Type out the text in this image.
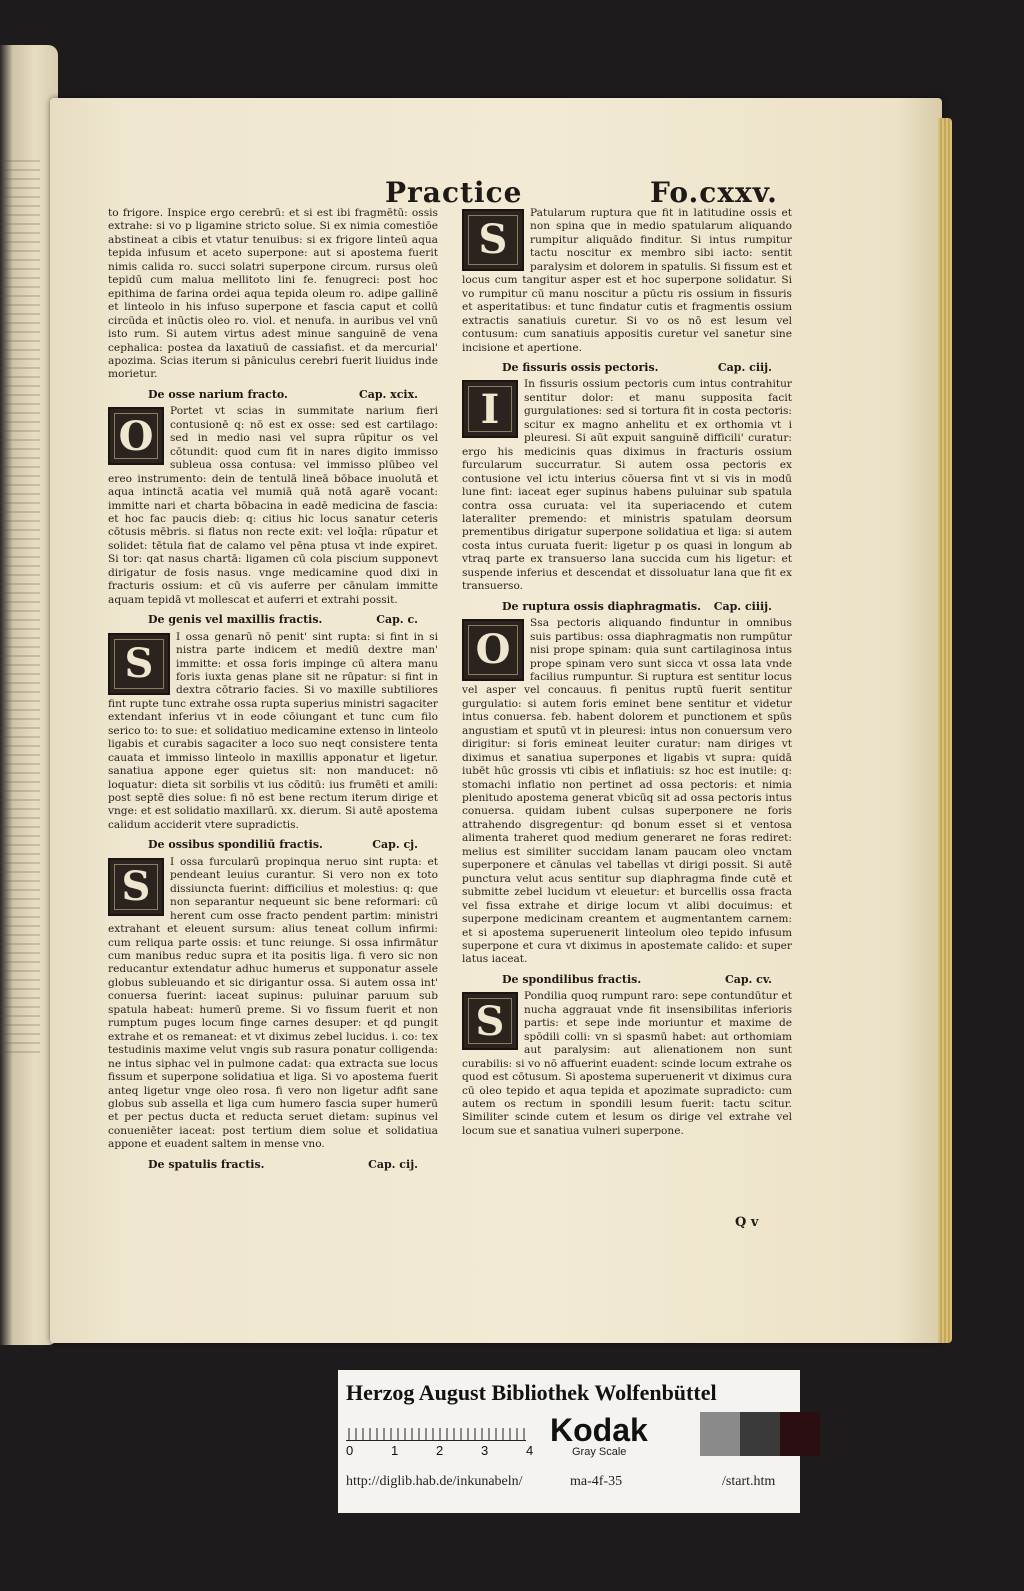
Practice	Fo.cxxv.

to frigore. Inspice ergo cerebrū: et si est ibi fragmētū: ossis extrahe: si vo p ligamine stricto solue. Si ex nimia comestiōe abstineat a cibis et vtatur tenuibus: si ex frigore linteū aqua tepida infusum et aceto superpone: aut si apostema fuerit nimis calida ro. succi solatri superpone circum. rursus oleū tepidū cum malua mellitoto lini fe. fenugreci: post hoc epithima de farina ordei aqua tepida oleum ro. adipe gallinē et linteolo in his infuso superpone et fascia caput et collū circūda et inūctis oleo ro. viol. et nenufa. in auribus vel vnū isto rum. Si autem virtus adest minue sanguinē de vena cephalica: postea da laxatiuū de cassiafist. et da mercurial' apozima. Scias iterum si pāniculus cerebri fuerit liuidus inde morietur.

De osse narium fracto.	Cap. xcix.
O

Portet vt scias in summitate narium fieri contusionē q: nō est ex osse: sed est cartilago: sed in medio nasi vel supra rūpitur os vel cōtundit: quod cum fit in nares digito immisso subleua ossa contusa: vel immisso plūbeo vel ereo instrumento: dein de tentulā lineā bōbace inuolutā et aqua intinctā acatia vel mumiā quā notā agarē vocant: immitte nari et charta bōbacina in eadē medicina de fascia: et hoc fac paucis dieb: q: citius hic locus sanatur ceteris cōtusis mēbris. si flatus non recte exit: vel loq̄la: rūpatur et solidet: tētula fiat de calamo vel pēna ptusa vt inde expiret. Si tor: qat nasus chartā: ligamen cū cola piscium supponevt dirigatur de fosis nasus. vnge medicamine quod dixi in fracturis ossium: et cū vis auferre per cānulam immitte aquam tepidā vt mollescat et auferri et extrahi possit.

De genis vel maxillis fractis.	Cap. c.
S

I ossa genarū nō penit' sint rupta: si fint in si nistra parte indicem et mediū dextre man' immitte: et ossa foris impinge cū altera manu foris iuxta genas plane sit ne rūpatur: si fint in dextra cōtrario facies. Si vo maxille subtiliores fint rupte tunc extrahe ossa rupta superius ministri sagaciter extendant inferius vt in eode cōiungant et tunc cum filo serico to: to sue: et solidatiuo medicamine extenso in linteolo ligabis et curabis sagaciter a loco suo neqt consistere tenta cauata et immisso linteolo in maxillis apponatur et ligetur. sanatiua appone eger quietus sit: non manducet: nō loquatur: dieta sit sorbilis vt ius cōditū: ius frumēti et amili: post septē dies solue: fi nō est bene rectum iterum dirige et vnge: et est solidatio maxillarū. xx. dierum. Si autē apostema calidum acciderit vtere supradictis.

De ossibus spondiliū fractis.	Cap. cj.
S

I ossa furcularū propinqua neruo sint rupta: et pendeant leuius curantur. Si vero non ex toto dissiuncta fuerint: difficilius et molestius: q: que non separantur nequeunt sic bene reformari: cū herent cum osse fracto pendent partim: ministri extrahant et eleuent sursum: alius teneat collum infirmi: cum reliqua parte ossis: et tunc reiunge. Si ossa infirmātur cum manibus reduc supra et ita positis liga. fi vero sic non reducantur extendatur adhuc humerus et supponatur assele globus subleuando et sic dirigantur ossa. Si autem ossa int' conuersa fuerint: iaceat supinus: puluinar paruum sub spatula habeat: humerū preme. Si vo fissum fuerit et non rumptum puges locum finge carnes desuper: et qd pungit extrahe et os remaneat: et vt diximus zebel lucidus. i. co: tex testudinis maxime velut vngis sub rasura ponatur colligenda: ne intus siphac vel in pulmone cadat: qua extracta sue locus fissum et superpone solidatiua et liga. Si vo apostema fuerit anteq ligetur vnge oleo rosa. fi vero non ligetur adfit sane globus sub assella et liga cum humero fascia super humerū et per pectus ducta et reducta seruet dietam: supinus vel conueniēter iaceat: post tertium diem solue et solidatiua appone et euadent saltem in mense vno.

De spatulis fractis.	Cap. cij.
S

Patularum ruptura que fit in latitudine ossis et non spina que in medio spatularum aliquando rumpitur aliquādo finditur. Si intus rumpitur tactu noscitur ex membro sibi iacto: sentit paralysim et dolorem in spatulis. Si fissum est et locus cum tangitur asper est et hoc superpone solidatur. Si vo rumpitur cū manu noscitur a pūctu ris ossium in fissuris et asperitatibus: et tunc findatur cutis et fragmentis ossium extractis sanatiuis curetur. Si vo os nō est lesum vel contusum: cum sanatiuis appositis curetur vel sanetur sine incisione et apertione.

De fissuris ossis pectoris.	Cap. ciij.
I

In fissuris ossium pectoris cum intus contrahitur sentitur dolor: et manu supposita facit gurgulationes: sed si tortura fit in costa pectoris: scitur ex magno anhelitu et ex orthomia vt i pleuresi. Si aūt expuit sanguinē difficili' curatur: ergo his medicinis quas diximus in fracturis ossium furcularum succurratur. Si autem ossa pectoris ex contusione vel ictu interius cōuersa fint vt si vis in modū lune fint: iaceat eger supinus habens puluinar sub spatula contra ossa curuata: vel ita superiacendo et cutem lateraliter premendo: et ministris spatulam deorsum prementibus dirigatur superpone solidatiua et liga: si autem costa intus curuata fuerit: ligetur p os quasi in longum ab vtraq parte ex transuerso lana succida cum his ligetur: et suspende inferius et descendat et dissoluatur lana que fit ex transuerso.

De ruptura ossis diaphragmatis. Cap. ciiij.
O

Ssa pectoris aliquando finduntur in omnibus suis partibus: ossa diaphragmatis non rumpūtur nisi prope spinam: quia sunt cartilaginosa intus prope spinam vero sunt sicca vt ossa lata vnde facilius rumpuntur. Si ruptura est sentitur locus vel asper vel concauus. fi penitus ruptū fuerit sentitur gurgulatio: si autem foris eminet bene sentitur et videtur intus conuersa. feb. habent dolorem et punctionem et spūs angustiam et sputū vt in pleuresi: intus non conuersum vero dirigitur: si foris emineat leuiter curatur: nam diriges vt diximus et sanatiua superpones et ligabis vt supra: quidā iubēt hūc grossis vti cibis et inflatiuis: sz hoc est inutile: q: stomachi inflatio non pertinet ad ossa pectoris: et nimia plenitudo apostema generat vbicūq sit ad ossa pectoris intus conuersa. quidam iubent culsas superponere ne foris attrahendo disgregentur: qd bonum esset si et ventosa alimenta traheret quod medium generaret ne foras rediret: melius est similiter succidam lanam paucam oleo vnctam superponere et cānulas vel tabellas vt dirigi possit. Si autē punctura velut acus sentitur sup diaphragma finde cutē et submitte zebel lucidum vt eleuetur: et burcellis ossa fracta vel fissa extrahe et dirige locum vt alibi docuimus: et superpone medicinam creantem et augmentantem carnem: et si apostema superuenerit linteolum oleo tepido infusum superpone et cura vt diximus in apostemate calido: et super latus iaceat.

De spondilibus fractis.	Cap. cv.
S

Pondilia quoq rumpunt raro: sepe contundūtur et nucha aggrauat vnde fit insensibilitas inferioris partis: et sepe inde moriuntur et maxime de spōdili colli: vn si spasmū habet: aut orthomiam aut paralysim: aut alienationem non sunt curabilis: si vo nō affuerint euadent: scinde locum extrahe os quod est cōtusum. Si apostema superuenerit vt diximus cura cū oleo tepido et aqua tepida et apozimate supradicto: cum autem os rectum in spondili lesum fuerit: tactu scitur. Similiter scinde cutem et lesum os dirige vel extrahe vel locum sue et sanatiua vulneri superpone.

Q v
Herzog August Bibliothek Wolfenbüttel
0	1	2	3	4
Kodak
Gray Scale
http://diglib.hab.de/inkunabeln/	ma-4f-35	/start.htm
